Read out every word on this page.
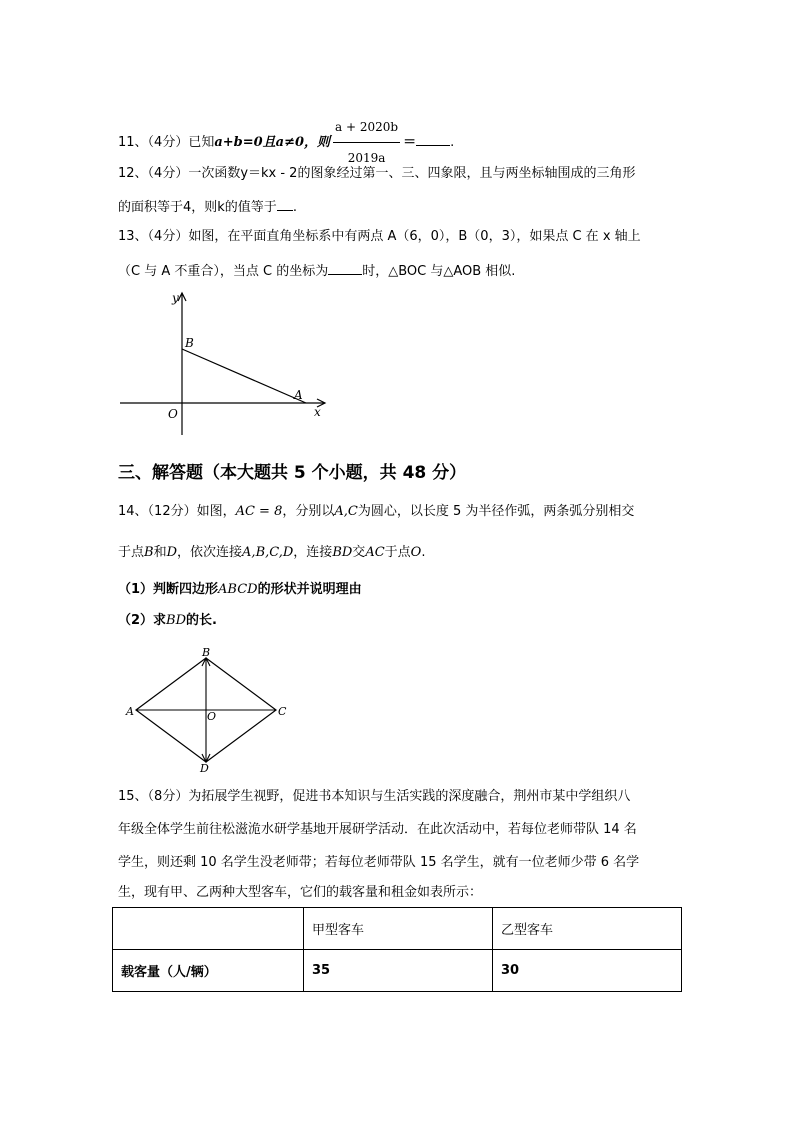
11、（4分）已知a+b=0且a≠0，则 $\frac{a + 2020b}{2019a}$ ＝	.
12、（4分）一次函数y＝kx - 2的图象经过第一、三、四象限，且与两坐标轴围成的三角形
的面积等于4，则k的值等于 .
13、（4分）如图，在平面直角坐标系中有两点 A（6，0），B（0，3），如果点 C 在 x 轴上
（C 与 A 不重合），当点 C 的坐标为	时，△BOC 与△AOB 相似.
y
x
B
A
O
三、解答题（本大题共 5 个小题，共 48 分）
14、（12分）如图，AC = 8，分别以A,C为圆心，以长度 5 为半径作弧，两条弧分别相交
于点B和D，依次连接A,B,C,D，连接BD交AC于点O.
（1）判断四边形ABCD的形状并说明理由
（2）求BD的长.
A
B
C
D
O
15、（8分）为拓展学生视野，促进书本知识与生活实践的深度融合，荆州市某中学组织八
年级全体学生前往松滋洈水研学基地开展研学活动．在此次活动中，若每位老师带队 14 名
学生，则还剩 10 名学生没老师带；若每位老师带队 15 名学生，就有一位老师少带 6 名学
生，现有甲、乙两种大型客车，它们的载客量和租金如表所示：
	甲型客车	乙型客车
载客量（人/辆）	35	30
